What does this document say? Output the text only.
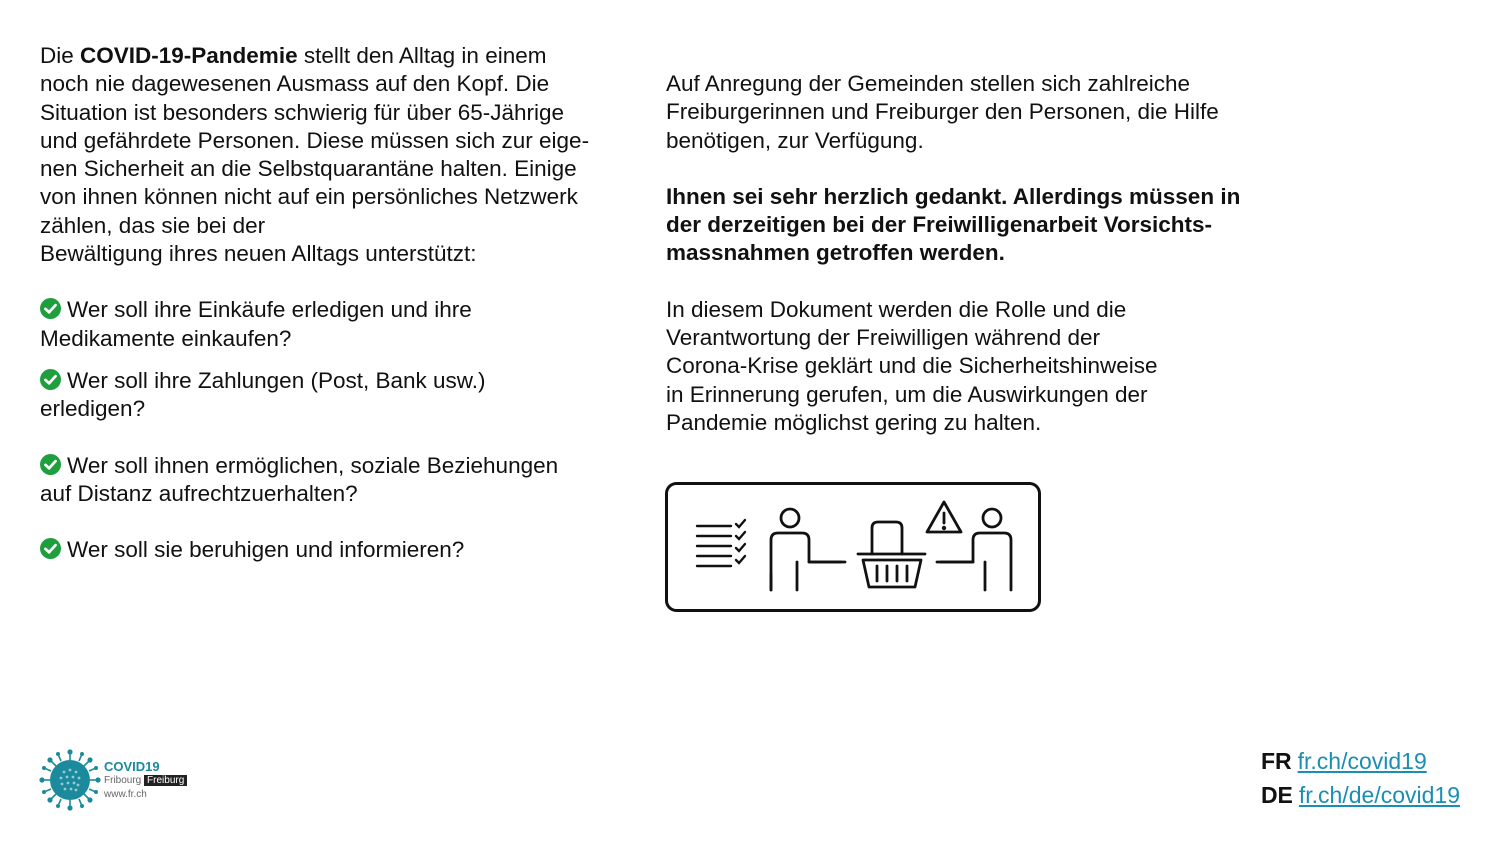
Die COVID-19-Pandemie stellt den Alltag in einem
noch nie dagewesenen Ausmass auf den Kopf. Die
Situation ist besonders schwierig für über 65-Jährige
und gefährdete Personen. Diese müssen sich zur eige-
nen Sicherheit an die Selbstquarantäne halten. Einige
von ihnen können nicht auf ein persönliches Netzwerk
zählen, das sie bei der
Bewältigung ihres neuen Alltags unterstützt:
Wer soll ihre Einkäufe erledigen und ihre
Medikamente einkaufen?
Wer soll ihre Zahlungen (Post, Bank usw.)
erledigen?
Wer soll ihnen ermöglichen, soziale Beziehungen
auf Distanz aufrechtzuerhalten?
Wer soll sie beruhigen und informieren?
Auf Anregung der Gemeinden stellen sich zahlreiche
Freiburgerinnen und Freiburger den Personen, die Hilfe
benötigen, zur Verfügung.
Ihnen sei sehr herzlich gedankt. Allerdings müssen in
der derzeitigen bei der Freiwilligenarbeit Vorsichts-
massnahmen getroffen werden.
In diesem Dokument werden die Rolle und die
Verantwortung der Freiwilligen während der
Corona-Krise geklärt und die Sicherheitshinweise
in Erinnerung gerufen, um die Auswirkungen der
Pandemie möglichst gering zu halten.
COVID19
Fribourg Freiburg
www.fr.ch
FR fr.ch/covid19
DE fr.ch/de/covid19
